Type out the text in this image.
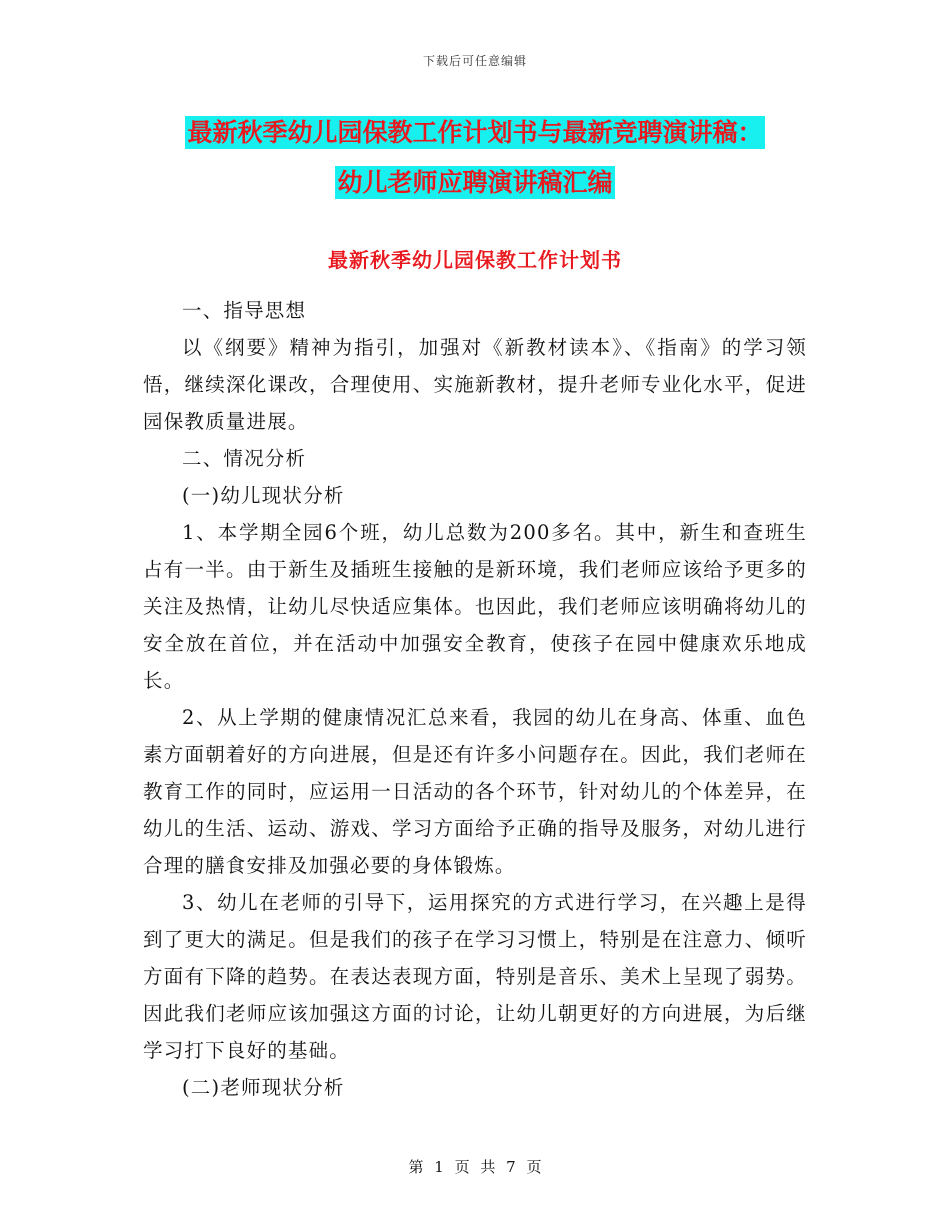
下载后可任意编辑
最新秋季幼儿园保教工作计划书与最新竞聘演讲稿：
幼儿老师应聘演讲稿汇编
最新秋季幼儿园保教工作计划书

一、指导思想

以《纲要》精神为指引，加强对《新教材读本》、《指南》的学习领悟，继续深化课改，合理使用、实施新教材，提升老师专业化水平，促进园保教质量进展。

二、情况分析

(一)幼儿现状分析

1、本学期全园6个班，幼儿总数为200多名。其中，新生和查班生占有一半。由于新生及插班生接触的是新环境，我们老师应该给予更多的关注及热情，让幼儿尽快适应集体。也因此，我们老师应该明确将幼儿的安全放在首位，并在活动中加强安全教育，使孩子在园中健康欢乐地成长。

2、从上学期的健康情况汇总来看，我园的幼儿在身高、体重、血色素方面朝着好的方向进展，但是还有许多小问题存在。因此，我们老师在教育工作的同时，应运用一日活动的各个环节，针对幼儿的个体差异，在幼儿的生活、运动、游戏、学习方面给予正确的指导及服务，对幼儿进行合理的膳食安排及加强必要的身体锻炼。

3、幼儿在老师的引导下，运用探究的方式进行学习，在兴趣上是得到了更大的满足。但是我们的孩子在学习习惯上，特别是在注意力、倾听方面有下降的趋势。在表达表现方面，特别是音乐、美术上呈现了弱势。因此我们老师应该加强这方面的讨论，让幼儿朝更好的方向进展，为后继学习打下良好的基础。

(二)老师现状分析

第 1 页 共 7 页
